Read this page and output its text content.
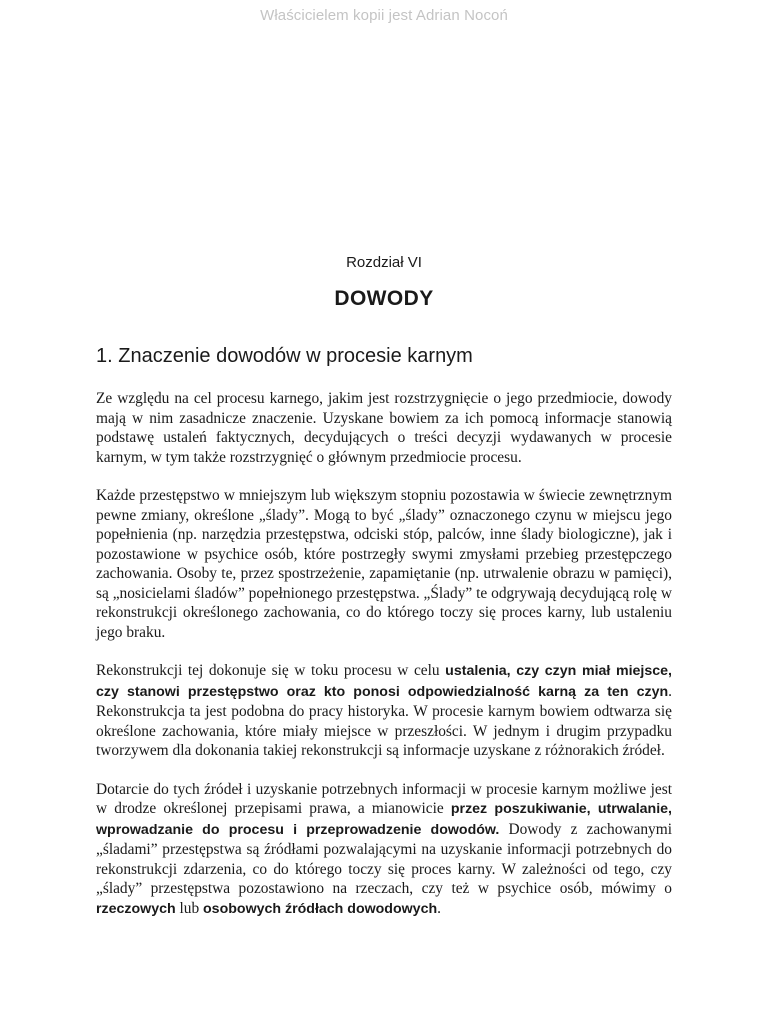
Właścicielem kopii jest Adrian Nocoń
Rozdział VI
DOWODY
1. Znaczenie dowodów w procesie karnym

Ze względu na cel procesu karnego, jakim jest rozstrzygnięcie o jego przedmiocie, dowody mają w nim zasadnicze znaczenie. Uzyskane bowiem za ich pomocą informacje stanowią podstawę ustaleń faktycznych, decydujących o treści decyzji wydawanych w procesie karnym, w tym także rozstrzygnięć o głównym przedmiocie procesu.

Każde przestępstwo w mniejszym lub większym stopniu pozostawia w świecie zewnętrznym pewne zmiany, określone „ślady”. Mogą to być „ślady” oznaczonego czynu w miejscu jego popełnienia (np. narzędzia przestępstwa, odciski stóp, palców, inne ślady biologiczne), jak i pozostawione w psychice osób, które postrzegły swymi zmysłami przebieg przestępczego zachowania. Osoby te, przez spostrzeżenie, zapamiętanie (np. utrwalenie obrazu w pamięci), są „nosicielami śladów” popełnionego przestępstwa. „Ślady” te odgrywają decydującą rolę w rekonstrukcji określonego zachowania, co do którego toczy się proces karny, lub ustaleniu jego braku.

Rekonstrukcji tej dokonuje się w toku procesu w celu ustalenia, czy czyn miał miejsce, czy stanowi przestępstwo oraz kto ponosi odpowiedzialność karną za ten czyn. Rekonstrukcja ta jest podobna do pracy historyka. W procesie karnym bowiem odtwarza się określone zachowania, które miały miejsce w przeszłości. W jednym i drugim przypadku tworzywem dla dokonania takiej rekonstrukcji są informacje uzyskane z różnorakich źródeł.

Dotarcie do tych źródeł i uzyskanie potrzebnych informacji w procesie karnym możliwe jest w drodze określonej przepisami prawa, a mianowicie przez poszukiwanie, utrwalanie, wprowadzanie do procesu i przeprowadzenie dowodów. Dowody z zachowanymi „śladami” przestępstwa są źródłami pozwalającymi na uzyskanie informacji potrzebnych do rekonstrukcji zdarzenia, co do którego toczy się proces karny. W zależności od tego, czy „ślady” przestępstwa pozostawiono na rzeczach, czy też w psychice osób, mówimy o rzeczowych lub osobowych źródłach dowodowych.
